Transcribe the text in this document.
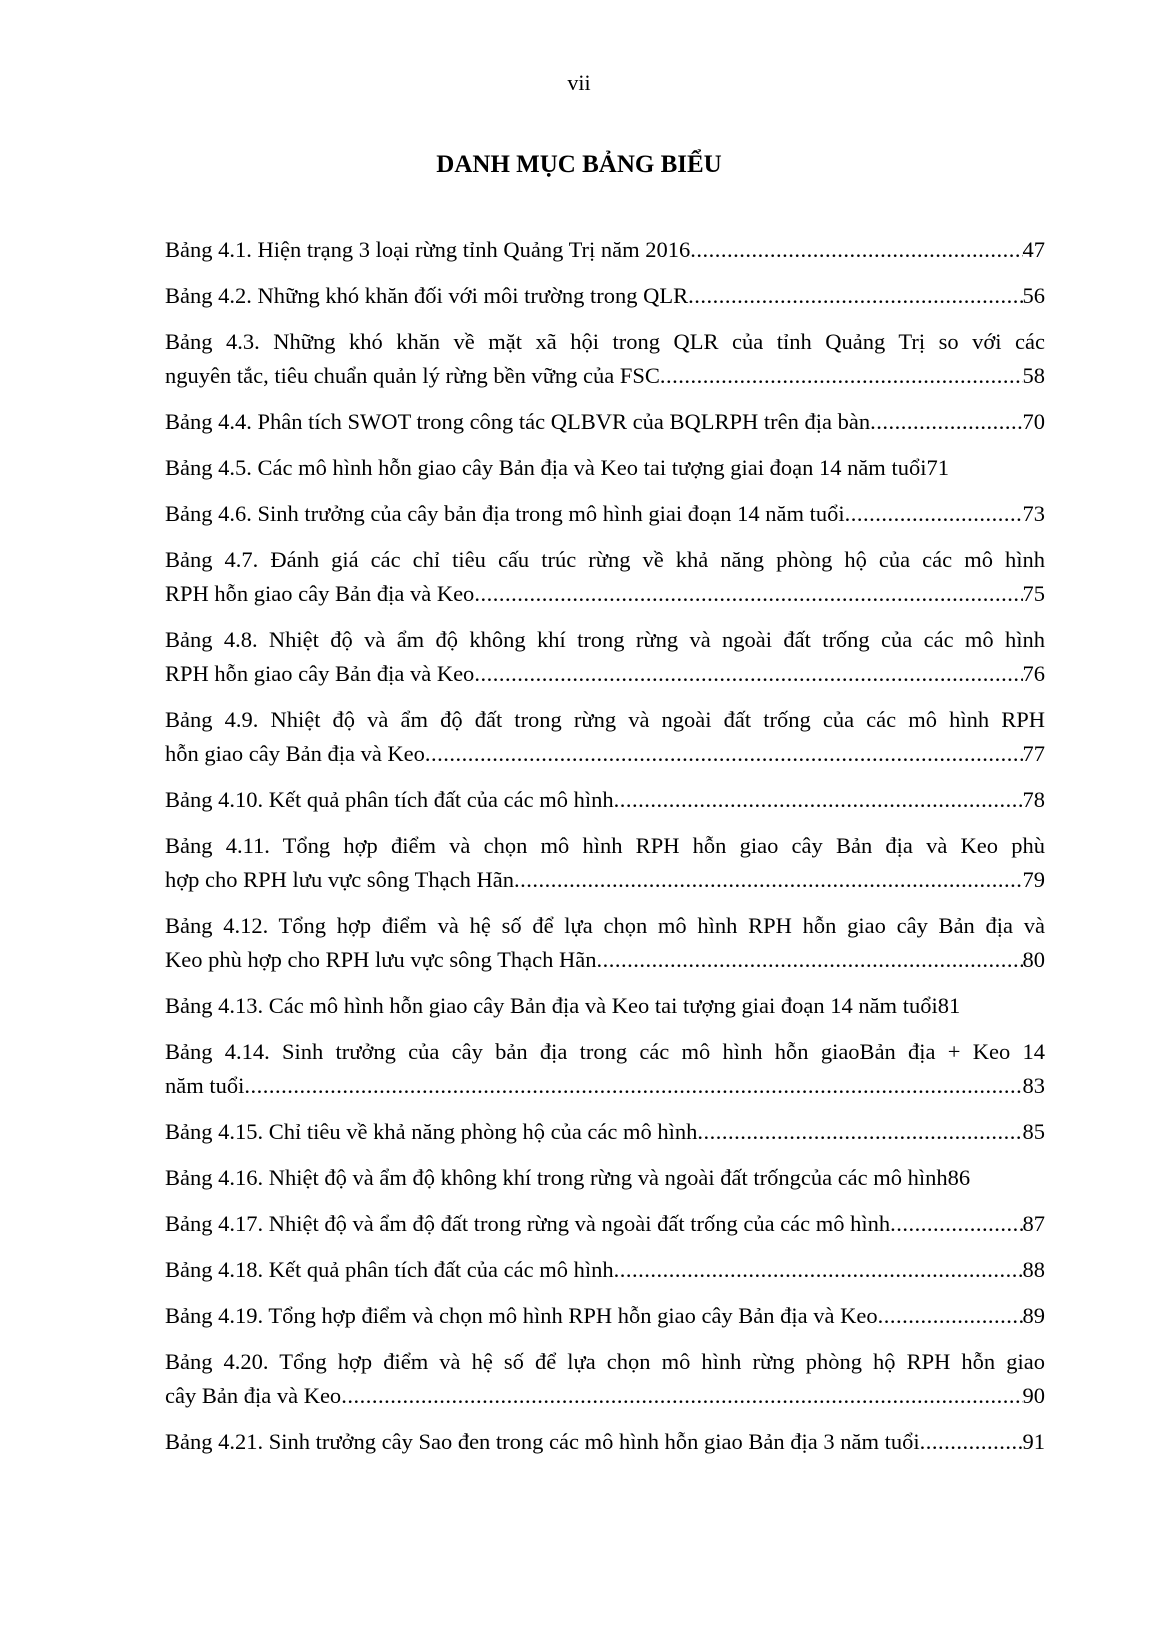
vii
DANH MỤC BẢNG BIỂU
Bảng 4.1. Hiện trạng 3 loại rừng tỉnh Quảng Trị năm 2016 .....	47
Bảng 4.2. Những khó khăn đối với môi trường trong QLR .....	56
Bảng 4.3. Những khó khăn về mặt xã hội trong QLR của tỉnh Quảng Trị so với các
nguyên tắc, tiêu chuẩn quản lý rừng bền vững của FSC .....	58
Bảng 4.4. Phân tích SWOT trong công tác QLBVR của BQLRPH trên địa bàn .....	70
Bảng 4.5. Các mô hình hỗn giao cây Bản địa và Keo tai tượng giai đoạn 14 năm tuổi71
Bảng 4.6. Sinh trưởng của cây bản địa trong mô hình giai đoạn 14 năm tuổi .....	73
Bảng 4.7. Đánh giá các chỉ tiêu cấu trúc rừng về khả năng phòng hộ của các mô hình
RPH hỗn giao cây Bản địa và Keo .....	75
Bảng 4.8. Nhiệt độ và ẩm độ không khí trong rừng và ngoài đất trống của các mô hình
RPH hỗn giao cây Bản địa và Keo .....	76
Bảng 4.9. Nhiệt độ và ẩm độ đất trong rừng và ngoài đất trống của các mô hình RPH
hỗn giao cây Bản địa và Keo .....	77
Bảng 4.10. Kết quả phân tích đất của các mô hình .....	78
Bảng 4.11. Tổng hợp điểm và chọn mô hình RPH hỗn giao cây Bản địa và Keo phù
hợp cho RPH lưu vực sông Thạch Hãn .....	79
Bảng 4.12. Tổng hợp điểm và hệ số để lựa chọn mô hình RPH hỗn giao cây Bản địa và
Keo phù hợp cho RPH lưu vực sông Thạch Hãn .....	80
Bảng 4.13. Các mô hình hỗn giao cây Bản địa và Keo tai tượng giai đoạn 14 năm tuổi81
Bảng 4.14. Sinh trưởng của cây bản địa trong các mô hình hỗn giaoBản địa + Keo 14
năm tuổi .....	83
Bảng 4.15. Chỉ tiêu về khả năng phòng hộ của các mô hình .....	85
Bảng 4.16. Nhiệt độ và ẩm độ không khí trong rừng và ngoài đất trốngcủa các mô hình86
Bảng 4.17. Nhiệt độ và ẩm độ đất trong rừng và ngoài đất trống của các mô hình .....	87
Bảng 4.18. Kết quả phân tích đất của các mô hình .....	88
Bảng 4.19. Tổng hợp điểm và chọn mô hình RPH hỗn giao cây Bản địa và Keo .....	89
Bảng 4.20. Tổng hợp điểm và hệ số để lựa chọn mô hình rừng phòng hộ RPH hỗn giao
cây Bản địa và Keo .....	90
Bảng 4.21. Sinh trưởng cây Sao đen trong các mô hình hỗn giao Bản địa 3 năm tuổi .....	91
